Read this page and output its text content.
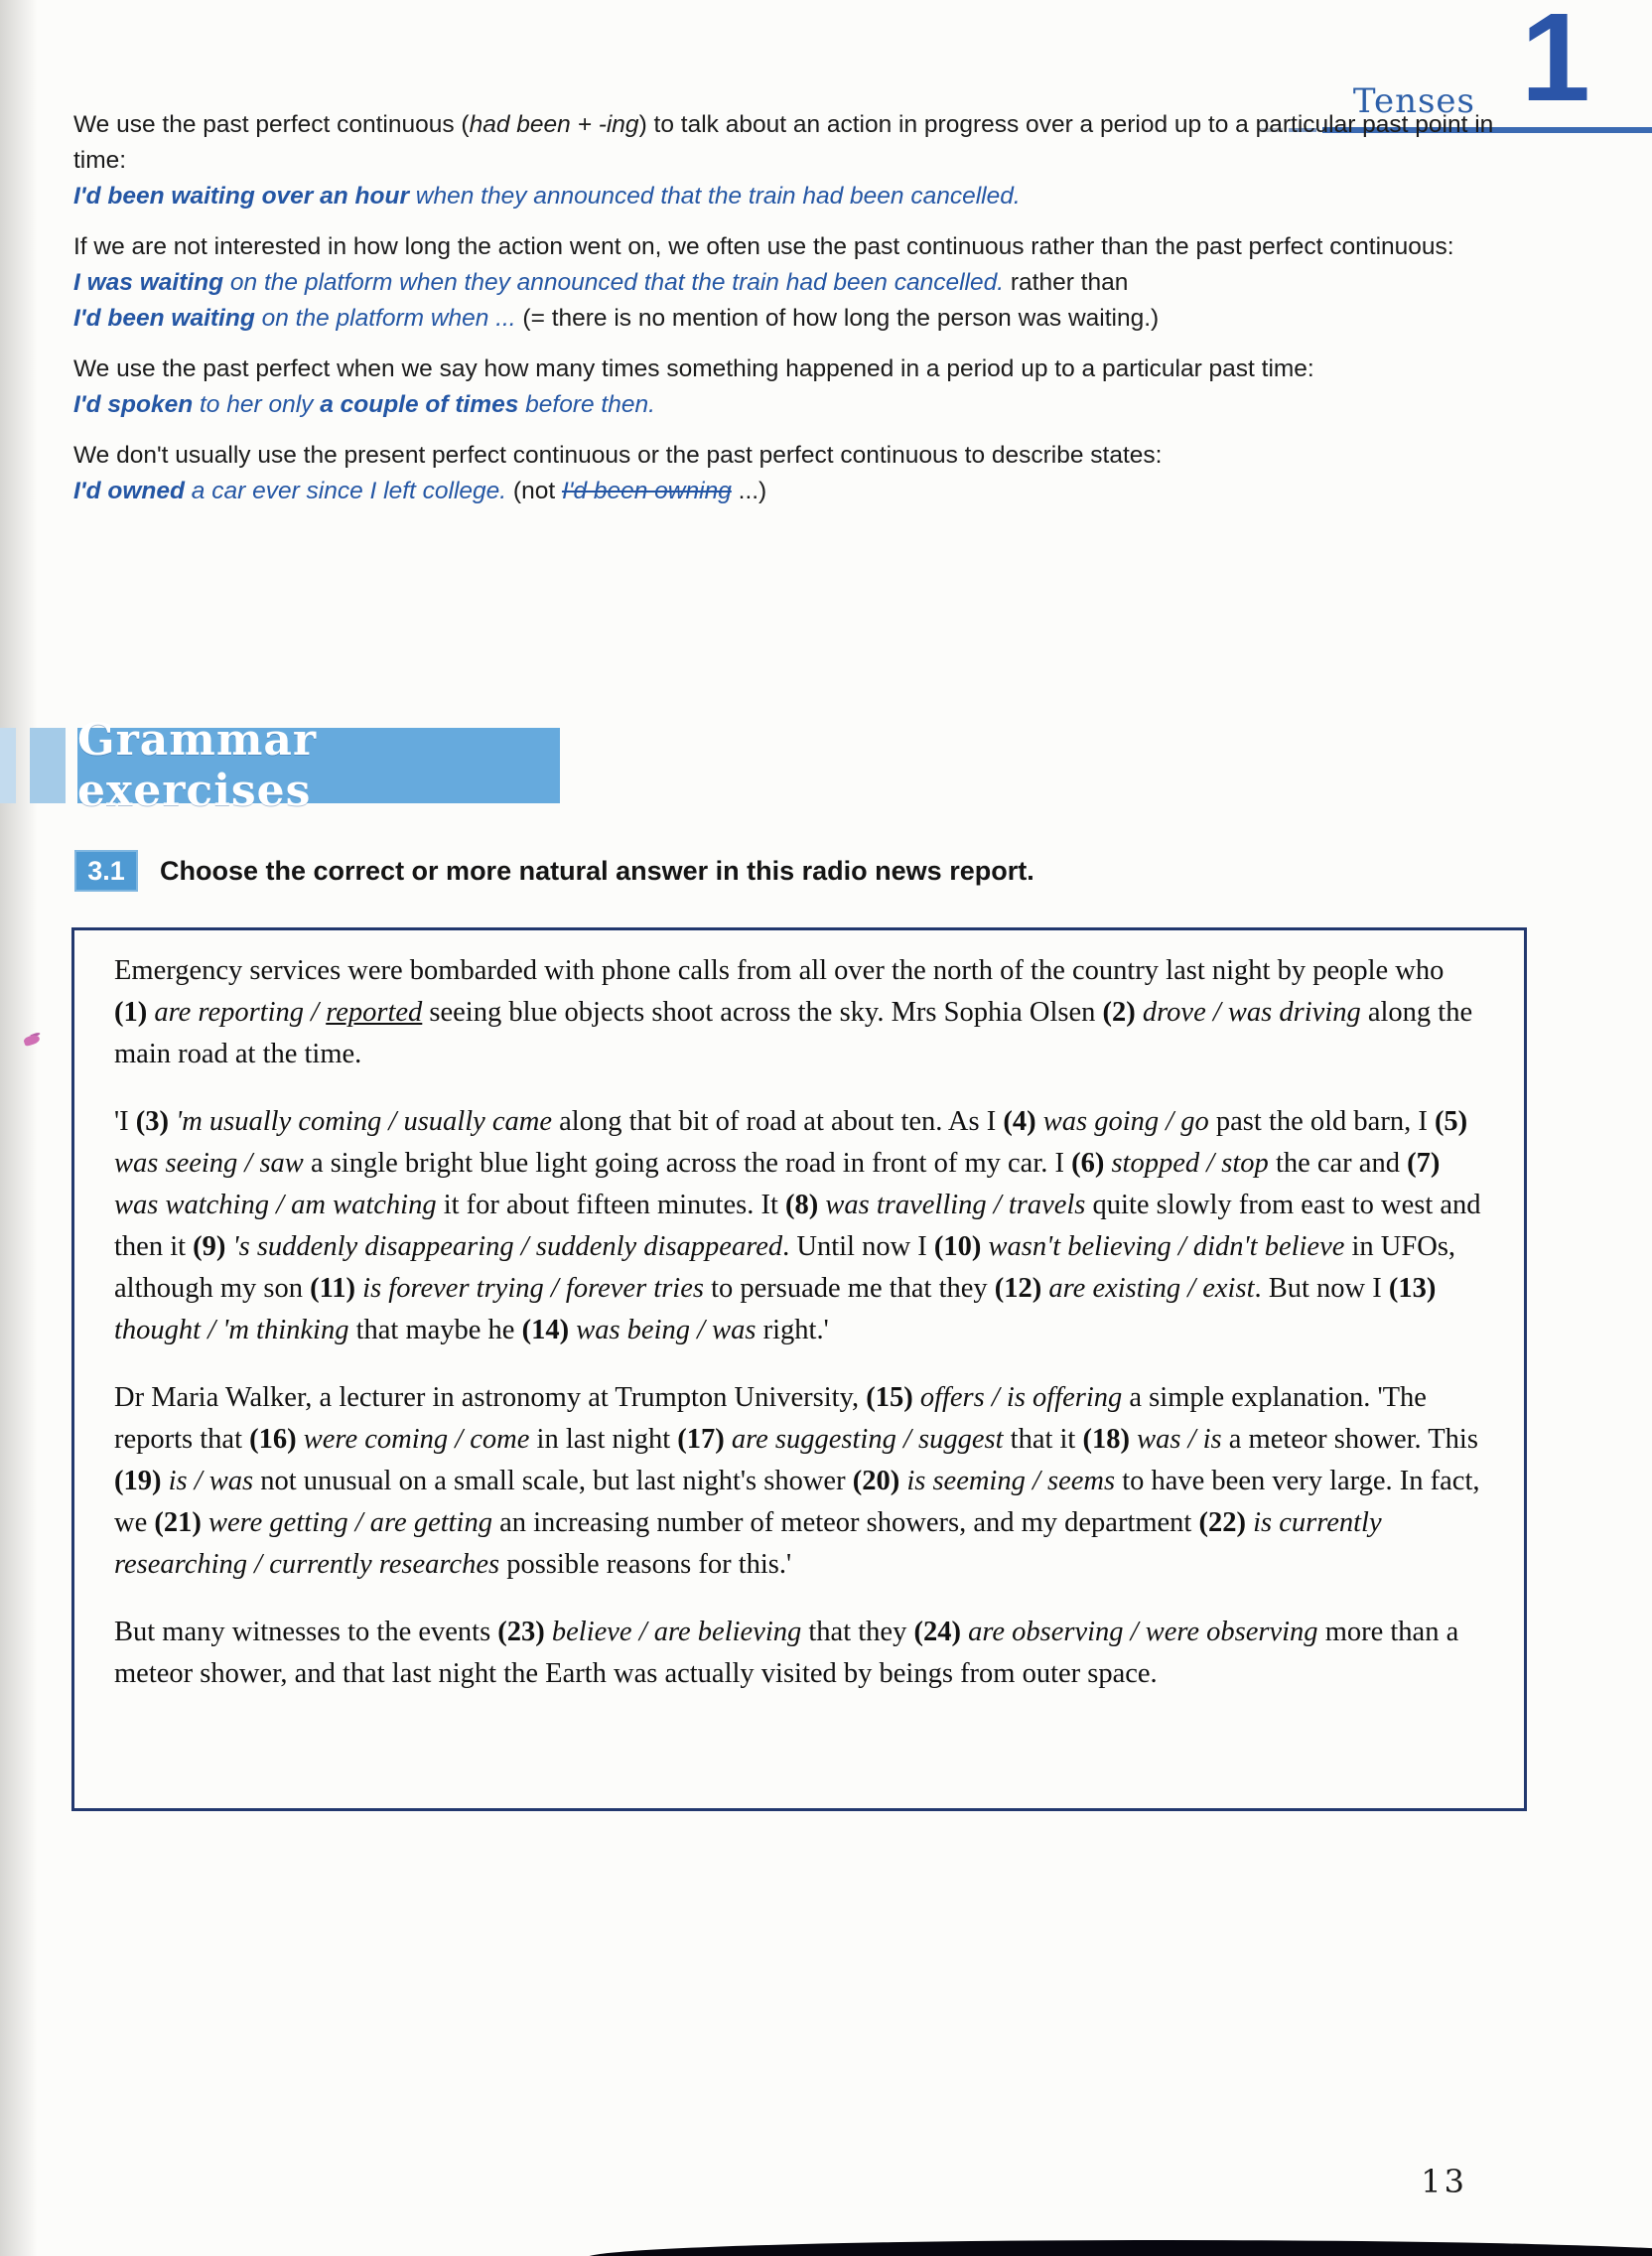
Tenses 1

We use the past perfect continuous (had been + -ing) to talk about an action in progress over a period up to a particular past point in time:

I'd been waiting over an hour when they announced that the train had been cancelled.

If we are not interested in how long the action went on, we often use the past continuous rather than the past perfect continuous:

I was waiting on the platform when they announced that the train had been cancelled. rather than

I'd been waiting on the platform when ... (= there is no mention of how long the person was waiting.)

We use the past perfect when we say how many times something happened in a period up to a particular past time:

I'd spoken to her only a couple of times before then.

We don't usually use the present perfect continuous or the past perfect continuous to describe states:

I'd owned a car ever since I left college. (not I'd been owning ...)

Grammar exercises
3.1	Choose the correct or more natural answer in this radio news report.

Emergency services were bombarded with phone calls from all over the north of the country last night by people who (1) are reporting / reported seeing blue objects shoot across the sky. Mrs Sophia Olsen (2) drove / was driving along the main road at the time.

'I (3) 'm usually coming / usually came along that bit of road at about ten. As I (4) was going / go past the old barn, I (5) was seeing / saw a single bright blue light going across the road in front of my car. I (6) stopped / stop the car and (7) was watching / am watching it for about fifteen minutes. It (8) was travelling / travels quite slowly from east to west and then it (9) 's suddenly disappearing / suddenly disappeared. Until now I (10) wasn't believing / didn't believe in UFOs, although my son (11) is forever trying / forever tries to persuade me that they (12) are existing / exist. But now I (13) thought / 'm thinking that maybe he (14) was being / was right.'

Dr Maria Walker, a lecturer in astronomy at Trumpton University, (15) offers / is offering a simple explanation. 'The reports that (16) were coming / come in last night (17) are suggesting / suggest that it (18) was / is a meteor shower. This (19) is / was not unusual on a small scale, but last night's shower (20) is seeming / seems to have been very large. In fact, we (21) were getting / are getting an increasing number of meteor showers, and my department (22) is currently researching / currently researches possible reasons for this.'

But many witnesses to the events (23) believe / are believing that they (24) are observing / were observing more than a meteor shower, and that last night the Earth was actually visited by beings from outer space.

13
